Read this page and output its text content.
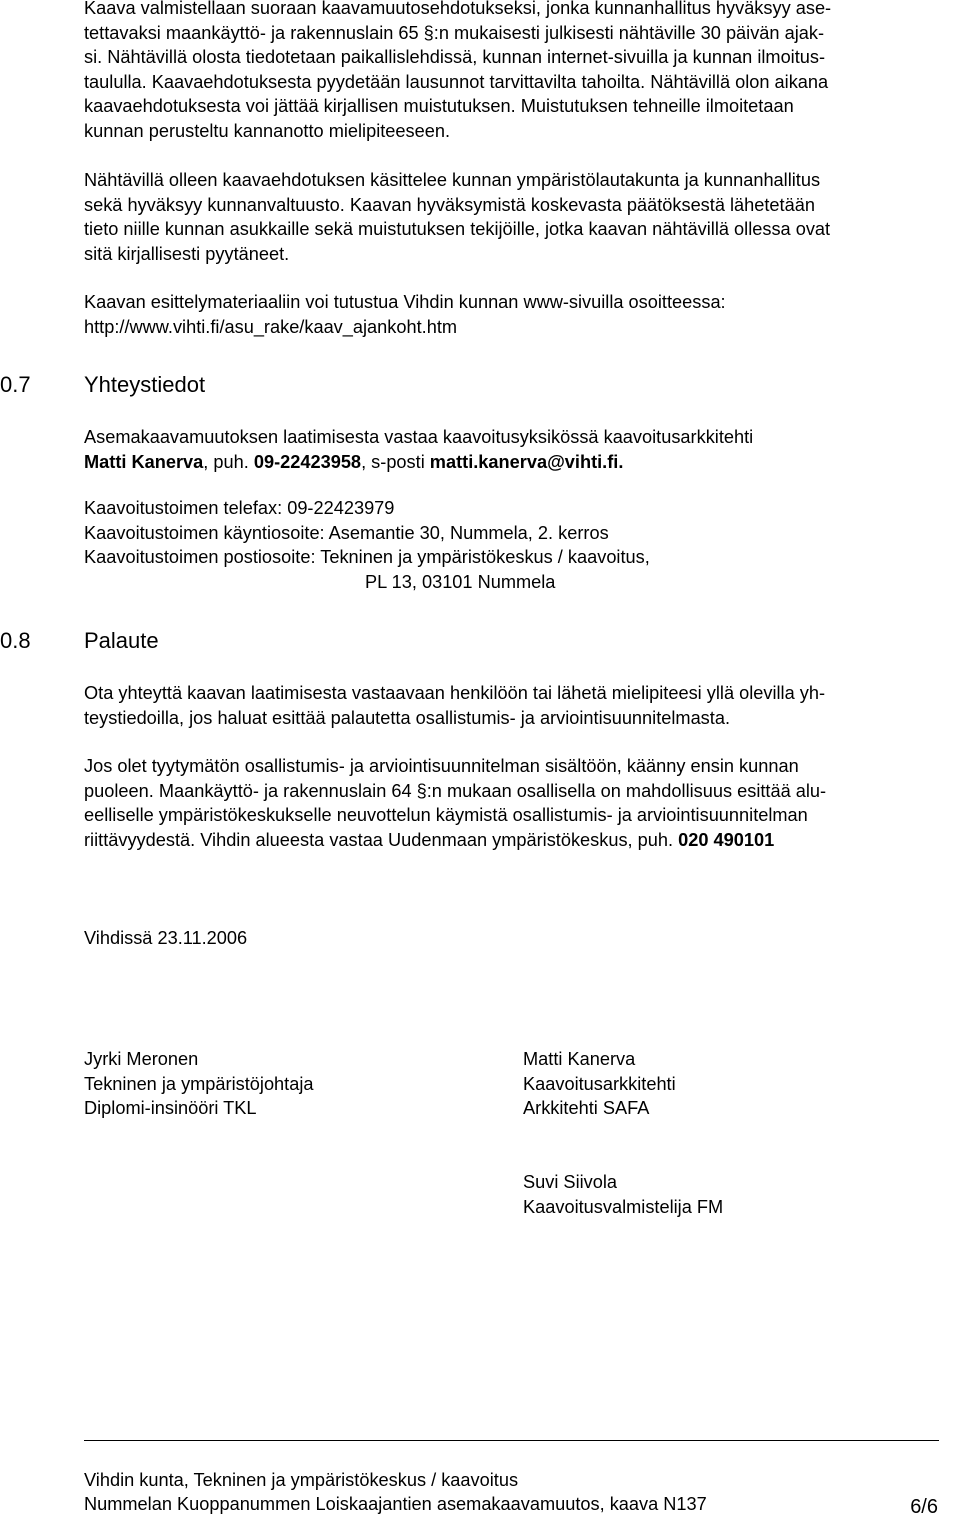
Kaava valmistellaan suoraan kaavamuutosehdotukseksi, jonka kunnanhallitus hyväksyy ase-
tettavaksi maankäyttö- ja rakennuslain 65 §:n mukaisesti julkisesti nähtäville 30 päivän ajak-
si. Nähtävillä olosta tiedotetaan paikallislehdissä, kunnan internet-sivuilla ja kunnan ilmoitus-
taululla. Kaavaehdotuksesta pyydetään lausunnot tarvittavilta tahoilta. Nähtävillä olon aikana
kaavaehdotuksesta voi jättää kirjallisen muistutuksen. Muistutuksen tehneille ilmoitetaan
kunnan perusteltu kannanotto mielipiteeseen.
Nähtävillä olleen kaavaehdotuksen käsittelee kunnan ympäristölautakunta ja kunnanhallitus
sekä hyväksyy kunnanvaltuusto. Kaavan hyväksymistä koskevasta päätöksestä lähetetään
tieto niille kunnan asukkaille sekä muistutuksen tekijöille, jotka kaavan nähtävillä ollessa ovat
sitä kirjallisesti pyytäneet.
Kaavan esittelymateriaaliin voi tutustua Vihdin kunnan www-sivuilla osoitteessa:
http://www.vihti.fi/asu_rake/kaav_ajankoht.htm
0.7 Yhteystiedot
Asemakaavamuutoksen laatimisesta vastaa kaavoitusyksikössä kaavoitusarkkitehti
Matti Kanerva, puh. 09-22423958, s-posti matti.kanerva@vihti.fi.
Kaavoitustoimen telefax: 09-22423979
Kaavoitustoimen käyntiosoite: Asemantie 30, Nummela, 2. kerros
Kaavoitustoimen postiosoite: Tekninen ja ympäristökeskus / kaavoitus,
PL 13, 03101 Nummela
0.8 Palaute
Ota yhteyttä kaavan laatimisesta vastaavaan henkilöön tai lähetä mielipiteesi yllä olevilla yh-
teystiedoilla, jos haluat esittää palautetta osallistumis- ja arviointisuunnitelmasta.
Jos olet tyytymätön osallistumis- ja arviointisuunnitelman sisältöön, käänny ensin kunnan
puoleen. Maankäyttö- ja rakennuslain 64 §:n mukaan osallisella on mahdollisuus esittää alu-
eelliselle ympäristökeskukselle neuvottelun käymistä osallistumis- ja arviointisuunnitelman
riittävyydestä. Vihdin alueesta vastaa Uudenmaan ympäristökeskus, puh. 020 490101
Vihdissä 23.11.2006
Jyrki Meronen
Tekninen ja ympäristöjohtaja
Diplomi-insinööri TKL
Matti Kanerva
Kaavoitusarkkitehti
Arkkitehti SAFA
Suvi Siivola
Kaavoitusvalmistelija FM
Vihdin kunta, Tekninen ja ympäristökeskus / kaavoitus
Nummelan Kuoppanummen Loiskaajantien asemakaavamuutos, kaava N137	6/6
